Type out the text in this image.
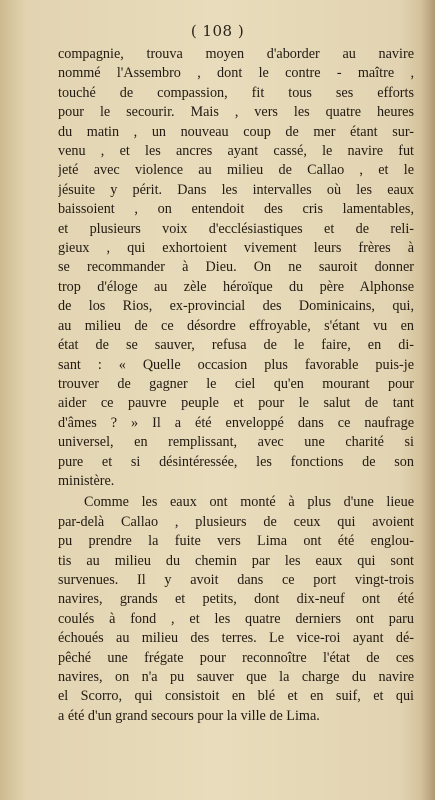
( 108 )
compagnie, trouva moyen d'aborder au navire
nommé l'Assembro , dont le contre - maître ,
touché de compassion, fit tous ses efforts
pour le secourir. Mais , vers les quatre heures
du matin , un nouveau coup de mer étant sur-
venu , et les ancres ayant cassé, le navire fut
jeté avec violence au milieu de Callao , et le
jésuite y périt. Dans les intervalles où les eaux
baissoient , on entendoit des cris lamentables,
et plusieurs voix d'ecclésiastiques et de reli-
gieux , qui exhortoient vivement leurs frères à
se recommander à Dieu. On ne sauroit donner
trop d'éloge au zèle héroïque du père Alphonse
de los Rios, ex-provincial des Dominicains, qui,
au milieu de ce désordre effroyable, s'étant vu en
état de se sauver, refusa de le faire, en di-
sant : « Quelle occasion plus favorable puis-je
trouver de gagner le ciel qu'en mourant pour
aider ce pauvre peuple et pour le salut de tant
d'âmes ? » Il a été enveloppé dans ce naufrage
universel, en remplissant, avec une charité si
pure et si désintéressée, les fonctions de son
ministère.
Comme les eaux ont monté à plus d'une lieue
par-delà Callao , plusieurs de ceux qui avoient
pu prendre la fuite vers Lima ont été englou-
tis au milieu du chemin par les eaux qui sont
survenues. Il y avoit dans ce port vingt-trois
navires, grands et petits, dont dix-neuf ont été
coulés à fond , et les quatre derniers ont paru
échoués au milieu des terres. Le vice-roi ayant dé-
pêché une frégate pour reconnoître l'état de ces
navires, on n'a pu sauver que la charge du navire
el Scorro, qui consistoit en blé et en suif, et qui
a été d'un grand secours pour la ville de Lima.
